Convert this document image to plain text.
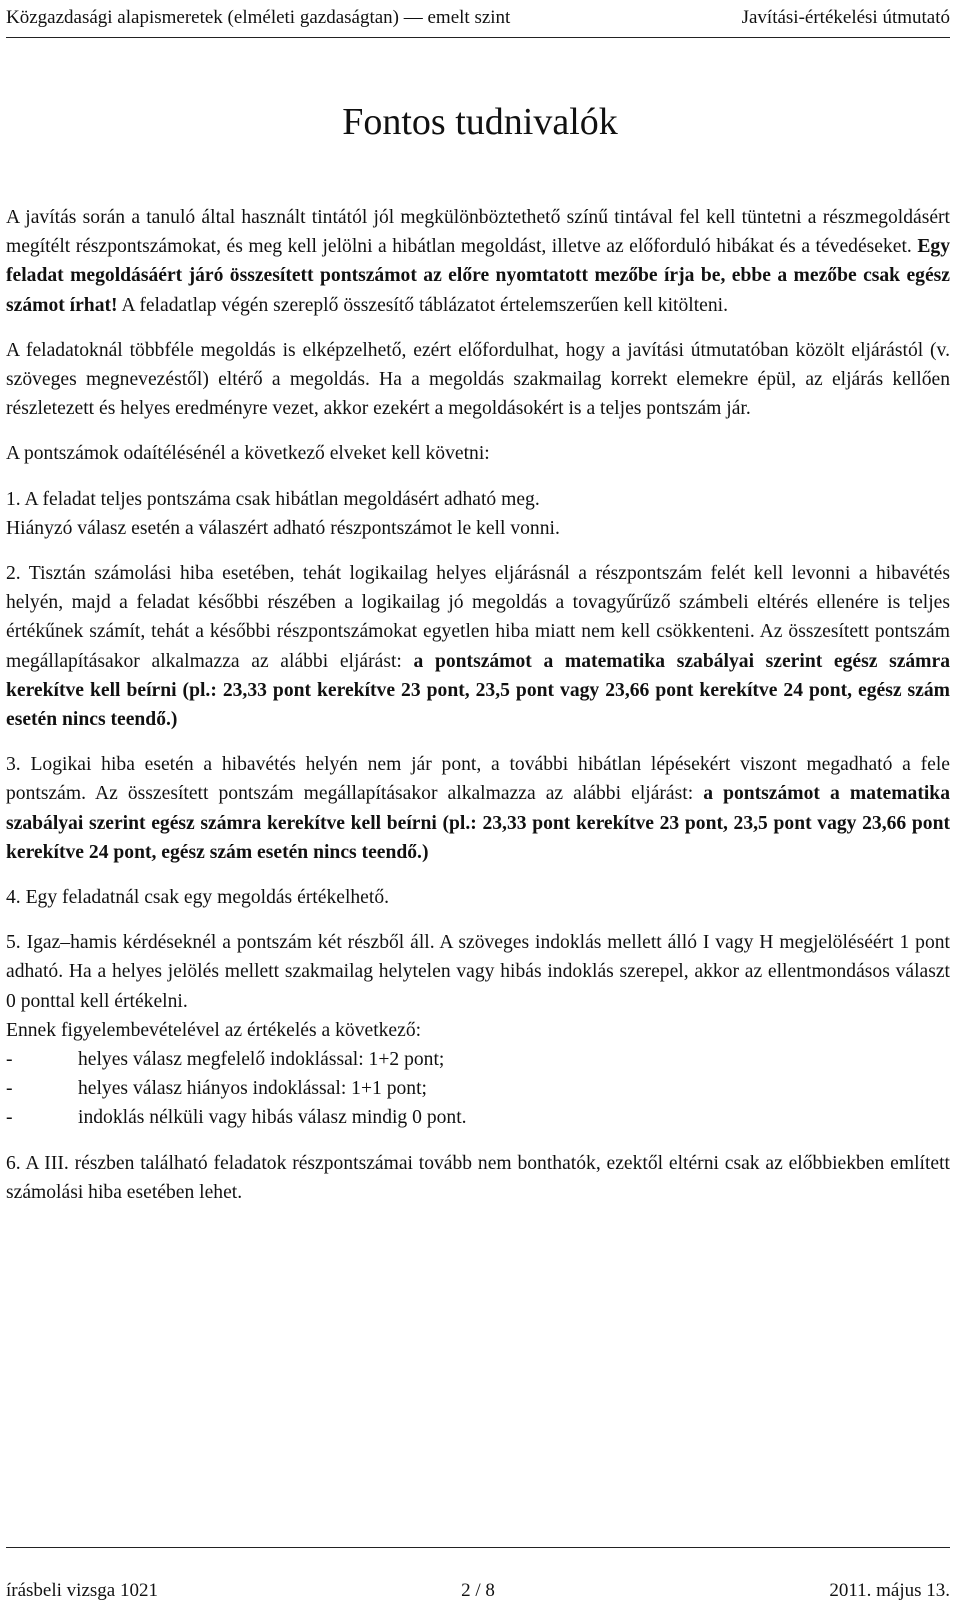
Közgazdasági alapismeretek (elméleti gazdaságtan) — emelt szint	Javítási-értékelési útmutató
Fontos tudnivalók

A javítás során a tanuló által használt tintától jól megkülönböztethető színű tintával fel kell tüntetni a részmegoldásért megítélt részpontszámokat, és meg kell jelölni a hibátlan megoldást, illetve az előforduló hibákat és a tévedéseket. Egy feladat megoldásáért járó összesített pontszámot az előre nyomtatott mezőbe írja be, ebbe a mezőbe csak egész számot írhat! A feladatlap végén szereplő összesítő táblázatot értelemszerűen kell kitölteni.

A feladatoknál többféle megoldás is elképzelhető, ezért előfordulhat, hogy a javítási útmutatóban közölt eljárástól (v. szöveges megnevezéstől) eltérő a megoldás. Ha a megoldás szakmailag korrekt elemekre épül, az eljárás kellően részletezett és helyes eredményre vezet, akkor ezekért a megoldásokért is a teljes pontszám jár.

A pontszámok odaítélésénél a következő elveket kell követni:

1. A feladat teljes pontszáma csak hibátlan megoldásért adható meg.

Hiányzó válasz esetén a válaszért adható részpontszámot le kell vonni.

2. Tisztán számolási hiba esetében, tehát logikailag helyes eljárásnál a részpontszám felét kell levonni a hibavétés helyén, majd a feladat későbbi részében a logikailag jó megoldás a tovagyűrűző számbeli eltérés ellenére is teljes értékűnek számít, tehát a későbbi részpontszámokat egyetlen hiba miatt nem kell csökkenteni. Az összesített pontszám megállapításakor alkalmazza az alábbi eljárást: a pontszámot a matematika szabályai szerint egész számra kerekítve kell beírni (pl.: 23,33 pont kerekítve 23 pont, 23,5 pont vagy 23,66 pont kerekítve 24 pont, egész szám esetén nincs teendő.)

3. Logikai hiba esetén a hibavétés helyén nem jár pont, a további hibátlan lépésekért viszont megadható a fele pontszám. Az összesített pontszám megállapításakor alkalmazza az alábbi eljárást: a pontszámot a matematika szabályai szerint egész számra kerekítve kell beírni (pl.: 23,33 pont kerekítve 23 pont, 23,5 pont vagy 23,66 pont kerekítve 24 pont, egész szám esetén nincs teendő.)

4. Egy feladatnál csak egy megoldás értékelhető.

5. Igaz–hamis kérdéseknél a pontszám két részből áll. A szöveges indoklás mellett álló I vagy H megjelöléséért 1 pont adható. Ha a helyes jelölés mellett szakmailag helytelen vagy hibás indoklás szerepel, akkor az ellentmondásos választ 0 ponttal kell értékelni.

Ennek figyelembevételével az értékelés a következő:

-	helyes válasz megfelelő indoklással: 1+2 pont;
-	helyes válasz hiányos indoklással: 1+1 pont;
-	indoklás nélküli vagy hibás válasz mindig 0 pont.

6. A III. részben található feladatok részpontszámai tovább nem bonthatók, ezektől eltérni csak az előbbiekben említett számolási hiba esetében lehet.

írásbeli vizsga 1021	2 / 8	2011. május 13.
